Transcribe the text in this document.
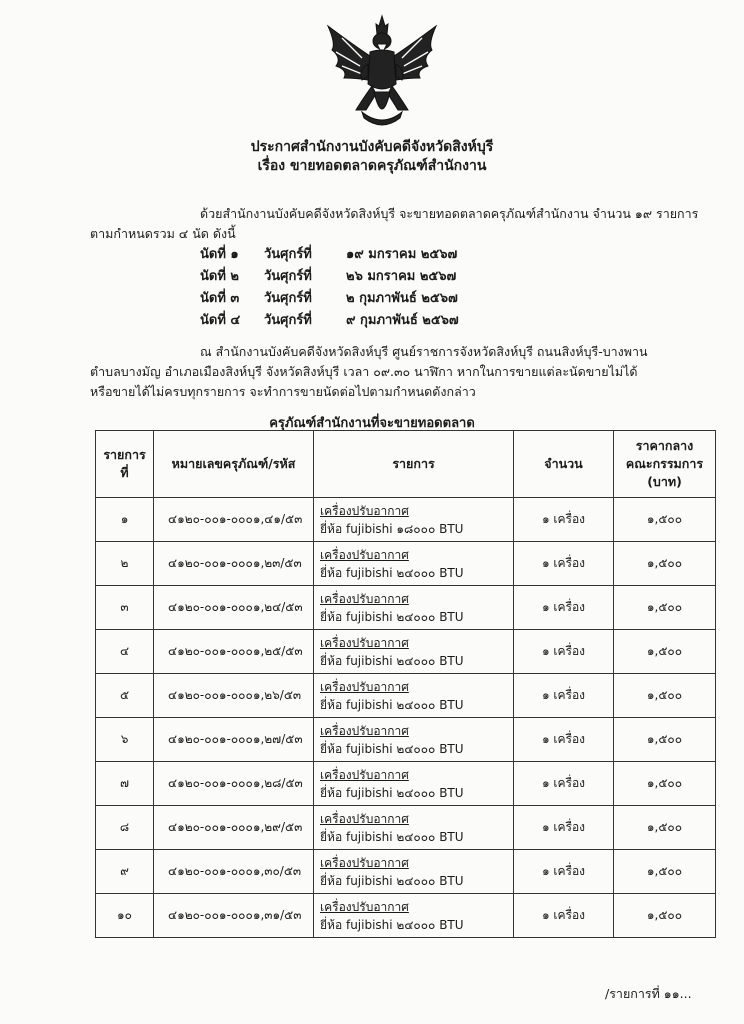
ประกาศสำนักงานบังคับคดีจังหวัดสิงห์บุรี
เรื่อง ขายทอดตลาดครุภัณฑ์สำนักงาน
ด้วยสำนักงานบังคับคดีจังหวัดสิงห์บุรี จะขายทอดตลาดครุภัณฑ์สำนักงาน จำนวน ๑๙ รายการ
ตามกำหนดรวม ๔ นัด ดังนี้
นัดที่ ๑ วันศุกร์ที่	๑๙ มกราคม ๒๕๖๗
นัดที่ ๒ วันศุกร์ที่	๒๖ มกราคม ๒๕๖๗
นัดที่ ๓ วันศุกร์ที่	๒ กุมภาพันธ์ ๒๕๖๗
นัดที่ ๔ วันศุกร์ที่	๙ กุมภาพันธ์ ๒๕๖๗
ณ สำนักงานบังคับคดีจังหวัดสิงห์บุรี ศูนย์ราชการจังหวัดสิงห์บุรี ถนนสิงห์บุรี-บางพาน
ตำบลบางมัญ อำเภอเมืองสิงห์บุรี จังหวัดสิงห์บุรี เวลา ๐๙.๓๐ นาฬิกา หากในการขายแต่ละนัดขายไม่ได้
หรือขายได้ไม่ครบทุกรายการ จะทำการขายนัดต่อไปตามกำหนดดังกล่าว
ครุภัณฑ์สำนักงานที่จะขายทอดตลาด
รายการ
ที่	หมายเลขครุภัณฑ์/รหัส	รายการ	จำนวน	ราคากลาง
คณะกรรมการ
(บาท)
๑	๔๑๒๐-๐๐๑-๐๐๐๑,๔๑/๕๓	เครื่องปรับอากาศ
ยี่ห้อ fujibishi ๑๘๐๐๐ BTU	๑ เครื่อง	๑,๕๐๐
๒	๔๑๒๐-๐๐๑-๐๐๐๑,๒๓/๕๓	เครื่องปรับอากาศ
ยี่ห้อ fujibishi ๒๔๐๐๐ BTU	๑ เครื่อง	๑,๕๐๐
๓	๔๑๒๐-๐๐๑-๐๐๐๑,๒๔/๕๓	เครื่องปรับอากาศ
ยี่ห้อ fujibishi ๒๔๐๐๐ BTU	๑ เครื่อง	๑,๕๐๐
๔	๔๑๒๐-๐๐๑-๐๐๐๑,๒๕/๕๓	เครื่องปรับอากาศ
ยี่ห้อ fujibishi ๒๔๐๐๐ BTU	๑ เครื่อง	๑,๕๐๐
๕	๔๑๒๐-๐๐๑-๐๐๐๑,๒๖/๕๓	เครื่องปรับอากาศ
ยี่ห้อ fujibishi ๒๔๐๐๐ BTU	๑ เครื่อง	๑,๕๐๐
๖	๔๑๒๐-๐๐๑-๐๐๐๑,๒๗/๕๓	เครื่องปรับอากาศ
ยี่ห้อ fujibishi ๒๔๐๐๐ BTU	๑ เครื่อง	๑,๕๐๐
๗	๔๑๒๐-๐๐๑-๐๐๐๑,๒๘/๕๓	เครื่องปรับอากาศ
ยี่ห้อ fujibishi ๒๔๐๐๐ BTU	๑ เครื่อง	๑,๕๐๐
๘	๔๑๒๐-๐๐๑-๐๐๐๑,๒๙/๕๓	เครื่องปรับอากาศ
ยี่ห้อ fujibishi ๒๔๐๐๐ BTU	๑ เครื่อง	๑,๕๐๐
๙	๔๑๒๐-๐๐๑-๐๐๐๑,๓๐/๕๓	เครื่องปรับอากาศ
ยี่ห้อ fujibishi ๒๔๐๐๐ BTU	๑ เครื่อง	๑,๕๐๐
๑๐	๔๑๒๐-๐๐๑-๐๐๐๑,๓๑/๕๓	เครื่องปรับอากาศ
ยี่ห้อ fujibishi ๒๔๐๐๐ BTU	๑ เครื่อง	๑,๕๐๐
/รายการที่ ๑๑...
